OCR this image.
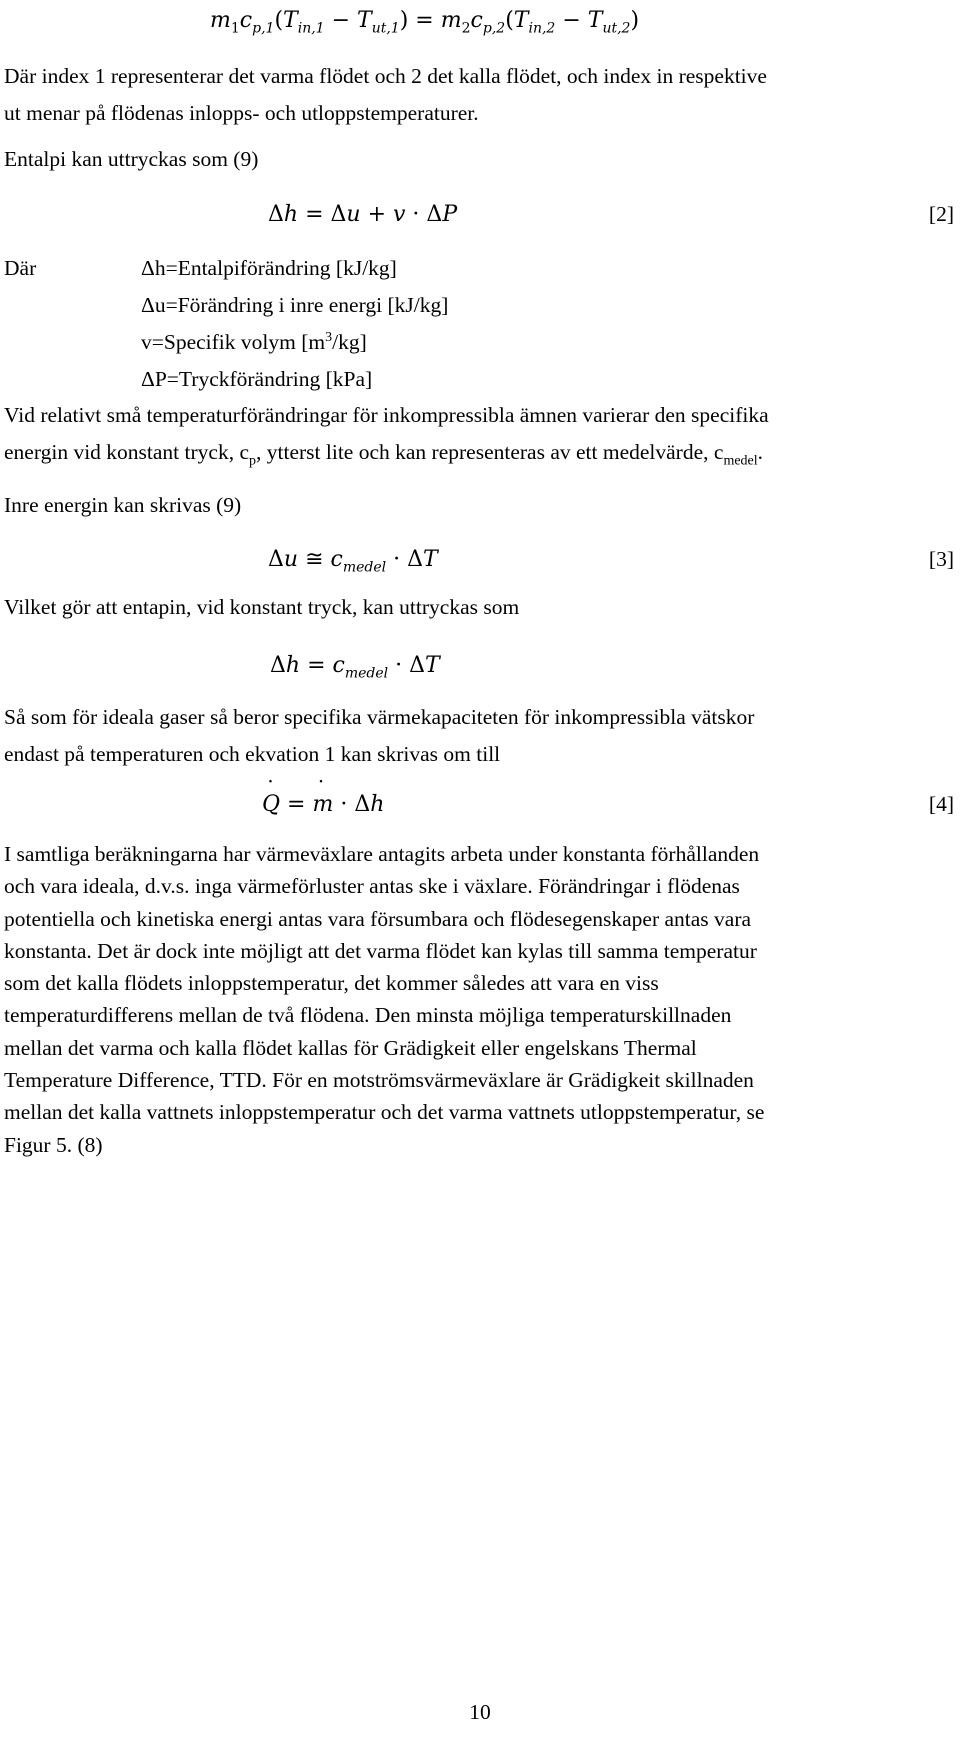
m $˙_1c_{p,1}(T_{in,1} - T_{ut,1}) = m$ $˙_2c_{p,2}(T_{in,2} - T_{ut,2})$
Där index 1 representerar det varma flödet och 2 det kalla flödet, och index in respektive
ut menar på flödenas inlopps- och utloppstemperaturer.
Entalpi kan uttryckas som (9)
Δh = Δu + v · ΔP	[2]
Där	Δh=Entalpiförändring [kJ/kg]
Δu=Förändring i inre energi [kJ/kg]
v=Specifik volym $[m^3/kg]$
ΔP=Tryckförändring [kPa]
Vid relativt små temperaturförändringar för inkompressibla ämnen varierar den specifika
energin vid konstant tryck, $c_p$, ytterst lite och kan representeras av ett medelvärde, $c_{medel}$.
Inre energin kan skrivas (9)
Δu ≅ $c_{medel} \cdot \Delta T$	[3]
Vilket gör att entapin, vid konstant tryck, kan uttryckas som
$\Delta h = c_{medel} \cdot \Delta T$
Så som för ideala gaser så beror specifika värmekapaciteten för inkompressibla vätskor
endast på temperaturen och ekvation 1 kan skrivas om till
Q ˙ = m ˙ · Δh	[4]
I samtliga beräkningarna har värmeväxlare antagits arbeta under konstanta förhållanden
och vara ideala, d.v.s. inga värmeförluster antas ske i växlare. Förändringar i flödenas
potentiella och kinetiska energi antas vara försumbara och flödesegenskaper antas vara
konstanta. Det är dock inte möjligt att det varma flödet kan kylas till samma temperatur
som det kalla flödets inloppstemperatur, det kommer således att vara en viss
temperaturdifferens mellan de två flödena. Den minsta möjliga temperaturskillnaden
mellan det varma och kalla flödet kallas för Grädigkeit eller engelskans Thermal
Temperature Difference, TTD. För en motströmsvärmeväxlare är Grädigkeit skillnaden
mellan det kalla vattnets inloppstemperatur och det varma vattnets utloppstemperatur, se
Figur 5. (8)
10
